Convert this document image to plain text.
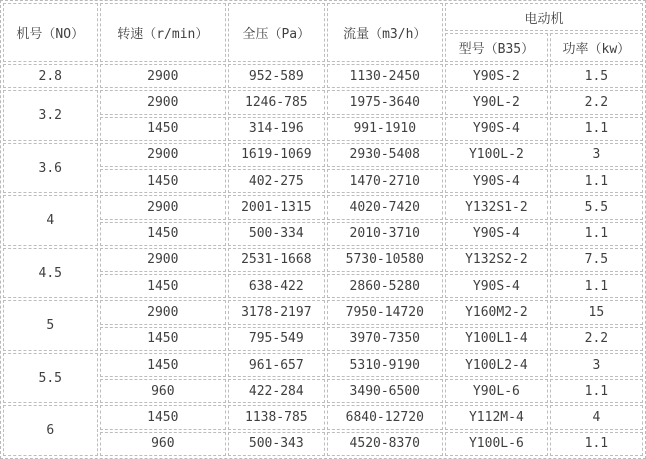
机号（NO）	转速（r/min）	全压（Pa）	流量（m3/h）	电动机	
				型号（B35）	功率（kw）
2.8	2900	952-589	1130-2450	Y90S-2	1.5
3.2	2900	1246-785	1975-3640	Y90L-2	2.2
	1450	314-196	991-1910	Y90S-4	1.1
3.6	2900	1619-1069	2930-5408	Y100L-2	3
	1450	402-275	1470-2710	Y90S-4	1.1
4	2900	2001-1315	4020-7420	Y132S1-2	5.5
	1450	500-334	2010-3710	Y90S-4	1.1
4.5	2900	2531-1668	5730-10580	Y132S2-2	7.5
	1450	638-422	2860-5280	Y90S-4	1.1
5	2900	3178-2197	7950-14720	Y160M2-2	15
	1450	795-549	3970-7350	Y100L1-4	2.2
5.5	1450	961-657	5310-9190	Y100L2-4	3
	960	422-284	3490-6500	Y90L-6	1.1
6	1450	1138-785	6840-12720	Y112M-4	4
	960	500-343	4520-8370	Y100L-6	1.1
